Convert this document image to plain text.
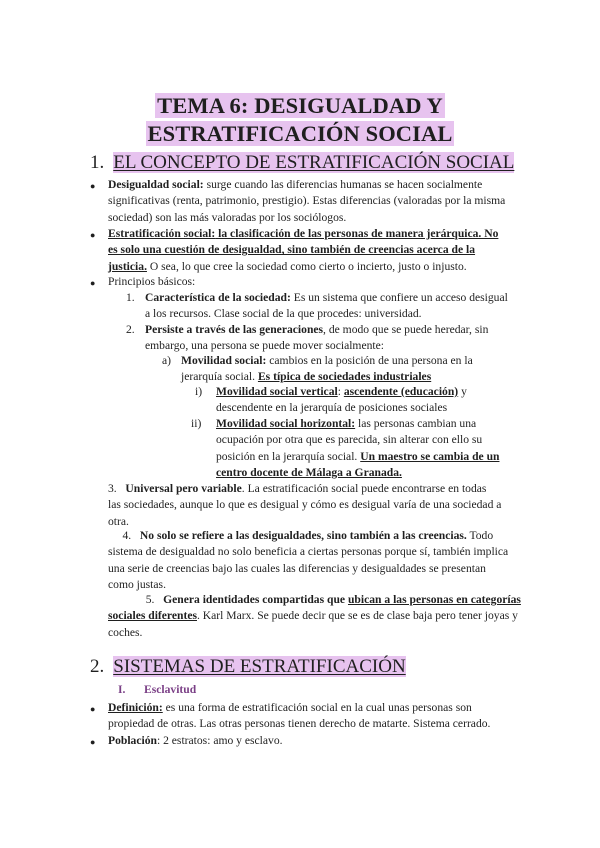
TEMA 6: DESIGUALDAD Y
ESTRATIFICACIÓN SOCIAL
1. EL CONCEPTO DE ESTRATIFICACIÓN SOCIAL
● Desigualdad social: surge cuando las diferencias humanas se hacen socialmente
significativas (renta, patrimonio, prestigio). Estas diferencias (valoradas por la misma
sociedad) son las más valoradas por los sociólogos.
● Estratificación social: la clasificación de las personas de manera jerárquica. No
es solo una cuestión de desigualdad, sino también de creencias acerca de la
justicia. O sea, lo que cree la sociedad como cierto o incierto, justo o injusto.
● Principios básicos:
1. Característica de la sociedad: Es un sistema que confiere un acceso desigual
a los recursos. Clase social de la que procedes: universidad.
2. Persiste a través de las generaciones, de modo que se puede heredar, sin
embargo, una persona se puede mover socialmente:
a) Movilidad social: cambios en la posición de una persona en la
jerarquía social. Es típica de sociedades industriales
i) Movilidad social vertical: ascendente (educación) y
descendente en la jerarquía de posiciones sociales
ii) Movilidad social horizontal: las personas cambian una
ocupación por otra que es parecida, sin alterar con ello su
posición en la jerarquía social. Un maestro se cambia de un
centro docente de Málaga a Granada.
3. Universal pero variable. La estratificación social puede encontrarse en todas
las sociedades, aunque lo que es desigual y cómo es desigual varía de una sociedad a
otra.
4. No solo se refiere a las desigualdades, sino también a las creencias. Todo
sistema de desigualdad no solo beneficia a ciertas personas porque sí, también implica
una serie de creencias bajo las cuales las diferencias y desigualdades se presentan
como justas.
5. Genera identidades compartidas que ubican a las personas en categorías
sociales diferentes. Karl Marx. Se puede decir que se es de clase baja pero tener joyas y
coches.
2. SISTEMAS DE ESTRATIFICACIÓN
I. Esclavitud
● Definición: es una forma de estratificación social en la cual unas personas son
propiedad de otras. Las otras personas tienen derecho de matarte. Sistema cerrado.
● Población: 2 estratos: amo y esclavo.
